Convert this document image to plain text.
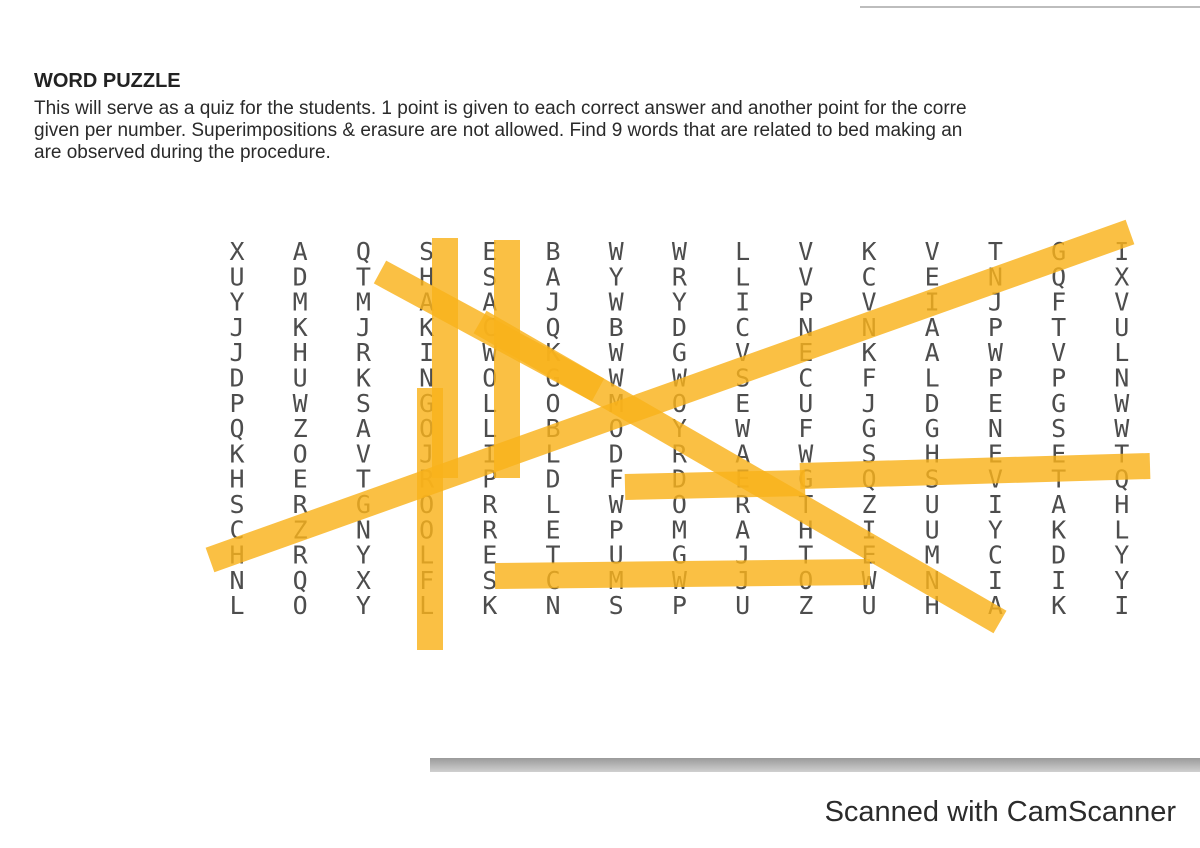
WORD PUZZLE
This will serve as a quiz for the students. 1 point is given to each correct answer and another point for the corre
given per number. Superimpositions & erasure are not allowed. Find 9 words that are related to bed making an
are observed during the procedure.
X A Q S E B W W L V K V T G I
U D T H S A Y R L V C E N Q X
Y M M A A J W Y I P V I J F V
J K J K C Q B D C N N A P T U
J H R I W K W G V E K A W V L
D U K N O G W W S C F L P P N
P W S G L O M O E U J D E G W
Q Z A O L B O Y W F G G N S W
K O V J I L D R A W S H E E T
H E T R P D F D E G Q S V T Q
S R G O R L W O R T Z U I A H
C Z N O R E P M A H I U Y K L
H R Y L E T U G J T E M C D Y
N Q X F S C M W J O W N I I Y
L O Y L K N S P U Z U H A K I
Scanned with CamScanner
